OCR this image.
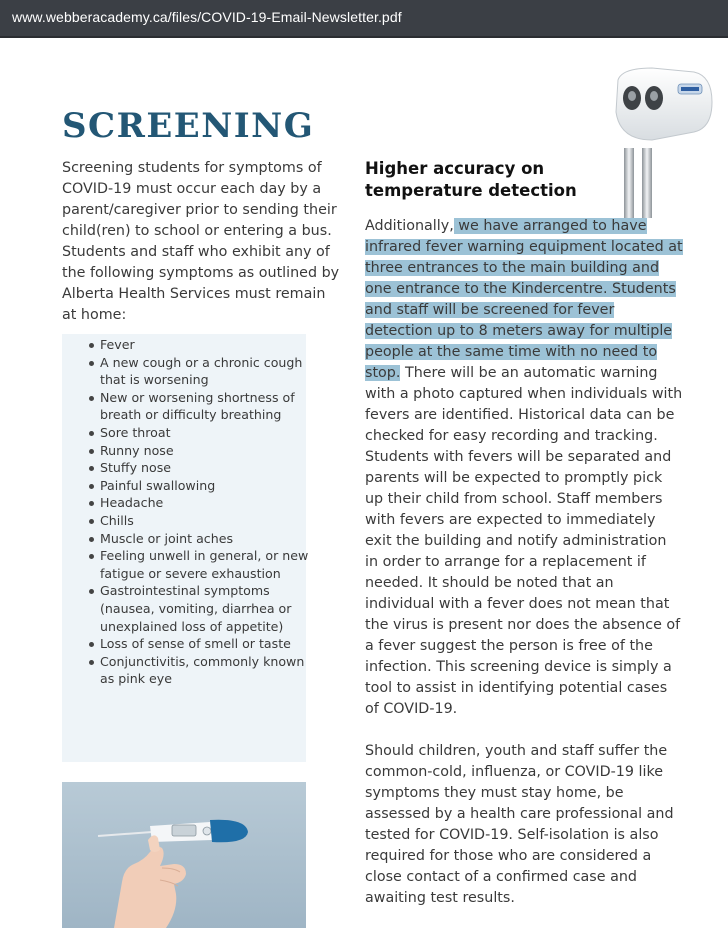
www.webberacademy.ca/files/COVID-19-Email-Newsletter.pdf
SCREENING
Screening students for symptoms of COVID-19 must occur each day by a parent/caregiver prior to sending their child(ren) to school or entering a bus. Students and staff who exhibit any of the following symptoms as outlined by Alberta Health Services must remain at home:
Fever
A new cough or a chronic cough that is worsening
New or worsening shortness of breath or difficulty breathing
Sore throat
Runny nose
Stuffy nose
Painful swallowing
Headache
Chills
Muscle or joint aches
Feeling unwell in general, or new fatigue or severe exhaustion
Gastrointestinal symptoms (nausea, vomiting, diarrhea or unexplained loss of appetite)
Loss of sense of smell or taste
Conjunctivitis, commonly known as pink eye
Higher accuracy on temperature detection
Additionally, we have arranged to have infrared fever warning equipment located at three entrances to the main building and one entrance to the Kindercentre. Students and staff will be screened for fever detection up to 8 meters away for multiple people at the same time with no need to stop. There will be an automatic warning with a photo captured when individuals with fevers are identified. Historical data can be checked for easy recording and tracking. Students with fevers will be separated and parents will be expected to promptly pick up their child from school. Staff members with fevers are expected to immediately exit the building and notify administration in order to arrange for a replacement if needed. It should be noted that an individual with a fever does not mean that the virus is present nor does the absence of a fever suggest the person is free of the infection. This screening device is simply a tool to assist in identifying potential cases of COVID-19.
Should children, youth and staff suffer the common-cold, influenza, or COVID-19 like symptoms they must stay home, be assessed by a health care professional and tested for COVID-19. Self-isolation is also required for those who are considered a close contact of a confirmed case and awaiting test results.
